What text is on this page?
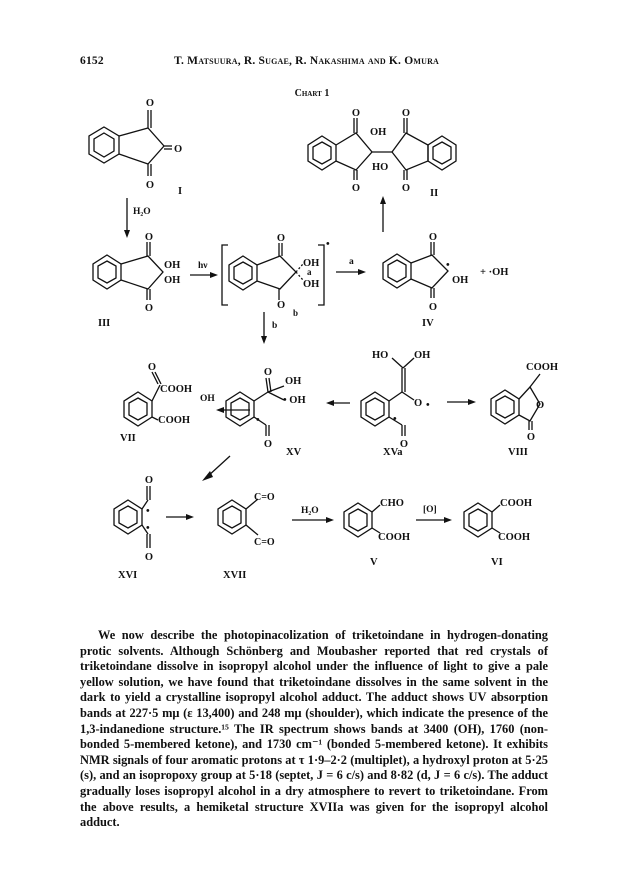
6152	T. Matsuura, R. Sugae, R. Nakashima and K. Omura
Chart 1
O
O
O
I
H₂O
O	O
OH
HO
O	O II
O
OH
OH
O
III
hν
O
OH
a
OH
O
b
•
a
b
O
•
OH
+ ·OH
O
IV
O
COOH
OH
COOH
VII
O
OH
• OH
•
O
XV
HO OH
O •
•
O
XVa
COOH
O
O
VIII
O
•
•
O
XVI
C=O
C=O
XVII
H₂O
CHO
COOH
V
[O]
COOH
COOH
VI

We now describe the photopinacolization of triketoindane in hydrogen-donating protic solvents. Although Schönberg and Moubasher reported that red crystals of triketoindane dissolve in isopropyl alcohol under the influence of light to give a pale yellow solution, we have found that triketoindane dissolves in the same solvent in the dark to yield a crystalline isopropyl alcohol adduct. The adduct shows UV absorption bands at 227·5 mμ (ε 13,400) and 248 mμ (shoulder), which indicate the presence of the 1,3-indanedione structure.¹⁵ The IR spectrum shows bands at 3400 (OH), 1760 (non-bonded 5-membered ketone), and 1730 cm⁻¹ (bonded 5-membered ketone). It exhibits NMR signals of four aromatic protons at τ 1·9–2·2 (multiplet), a hydroxyl proton at 5·25 (s), and an isopropoxy group at 5·18 (septet, J = 6 c/s) and 8·82 (d, J = 6 c/s). The adduct gradually loses isopropyl alcohol in a dry atmosphere to revert to triketoindane. From the above results, a hemiketal structure XVIIa was given for the isopropyl alcohol adduct.
